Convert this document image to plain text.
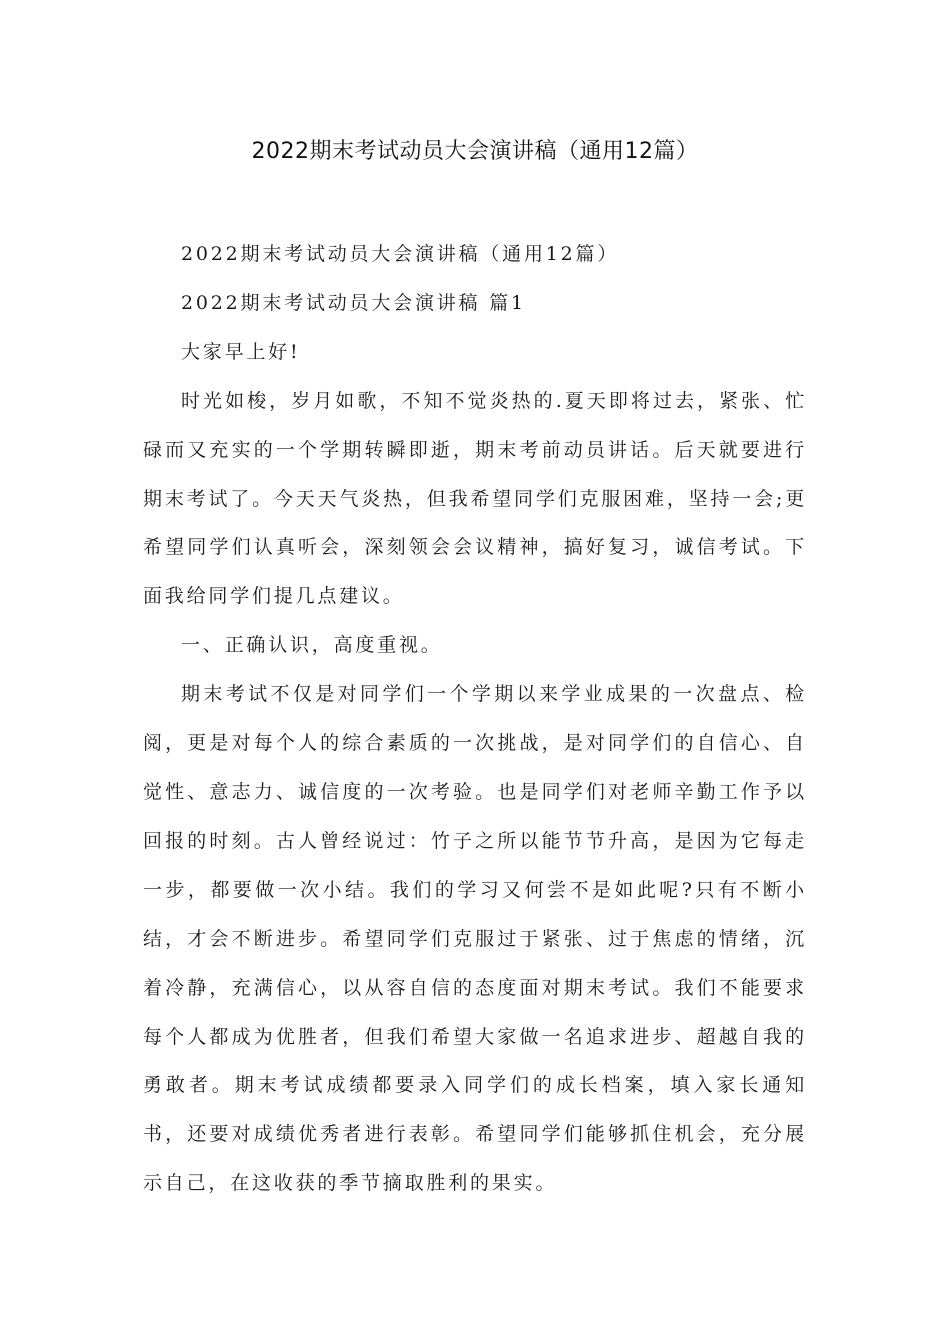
2022期末考试动员大会演讲稿（通用12篇）

2022期末考试动员大会演讲稿（通用12篇）

2022期末考试动员大会演讲稿 篇1

大家早上好!

时光如梭，岁月如歌，不知不觉炎热的.夏天即将过去，紧张、忙碌而又充实的一个学期转瞬即逝，期末考前动员讲话。后天就要进行期末考试了。今天天气炎热，但我希望同学们克服困难，坚持一会;更希望同学们认真听会，深刻领会会议精神，搞好复习，诚信考试。下面我给同学们提几点建议。

一、正确认识，高度重视。

期末考试不仅是对同学们一个学期以来学业成果的一次盘点、检阅，更是对每个人的综合素质的一次挑战，是对同学们的自信心、自觉性、意志力、诚信度的一次考验。也是同学们对老师辛勤工作予以回报的时刻。古人曾经说过：竹子之所以能节节升高，是因为它每走一步，都要做一次小结。我们的学习又何尝不是如此呢?只有不断小结，才会不断进步。希望同学们克服过于紧张、过于焦虑的情绪，沉着冷静，充满信心，以从容自信的态度面对期末考试。我们不能要求每个人都成为优胜者，但我们希望大家做一名追求进步、超越自我的勇敢者。期末考试成绩都要录入同学们的成长档案，填入家长通知书，还要对成绩优秀者进行表彰。希望同学们能够抓住机会，充分展示自己，在这收获的季节摘取胜利的果实。
